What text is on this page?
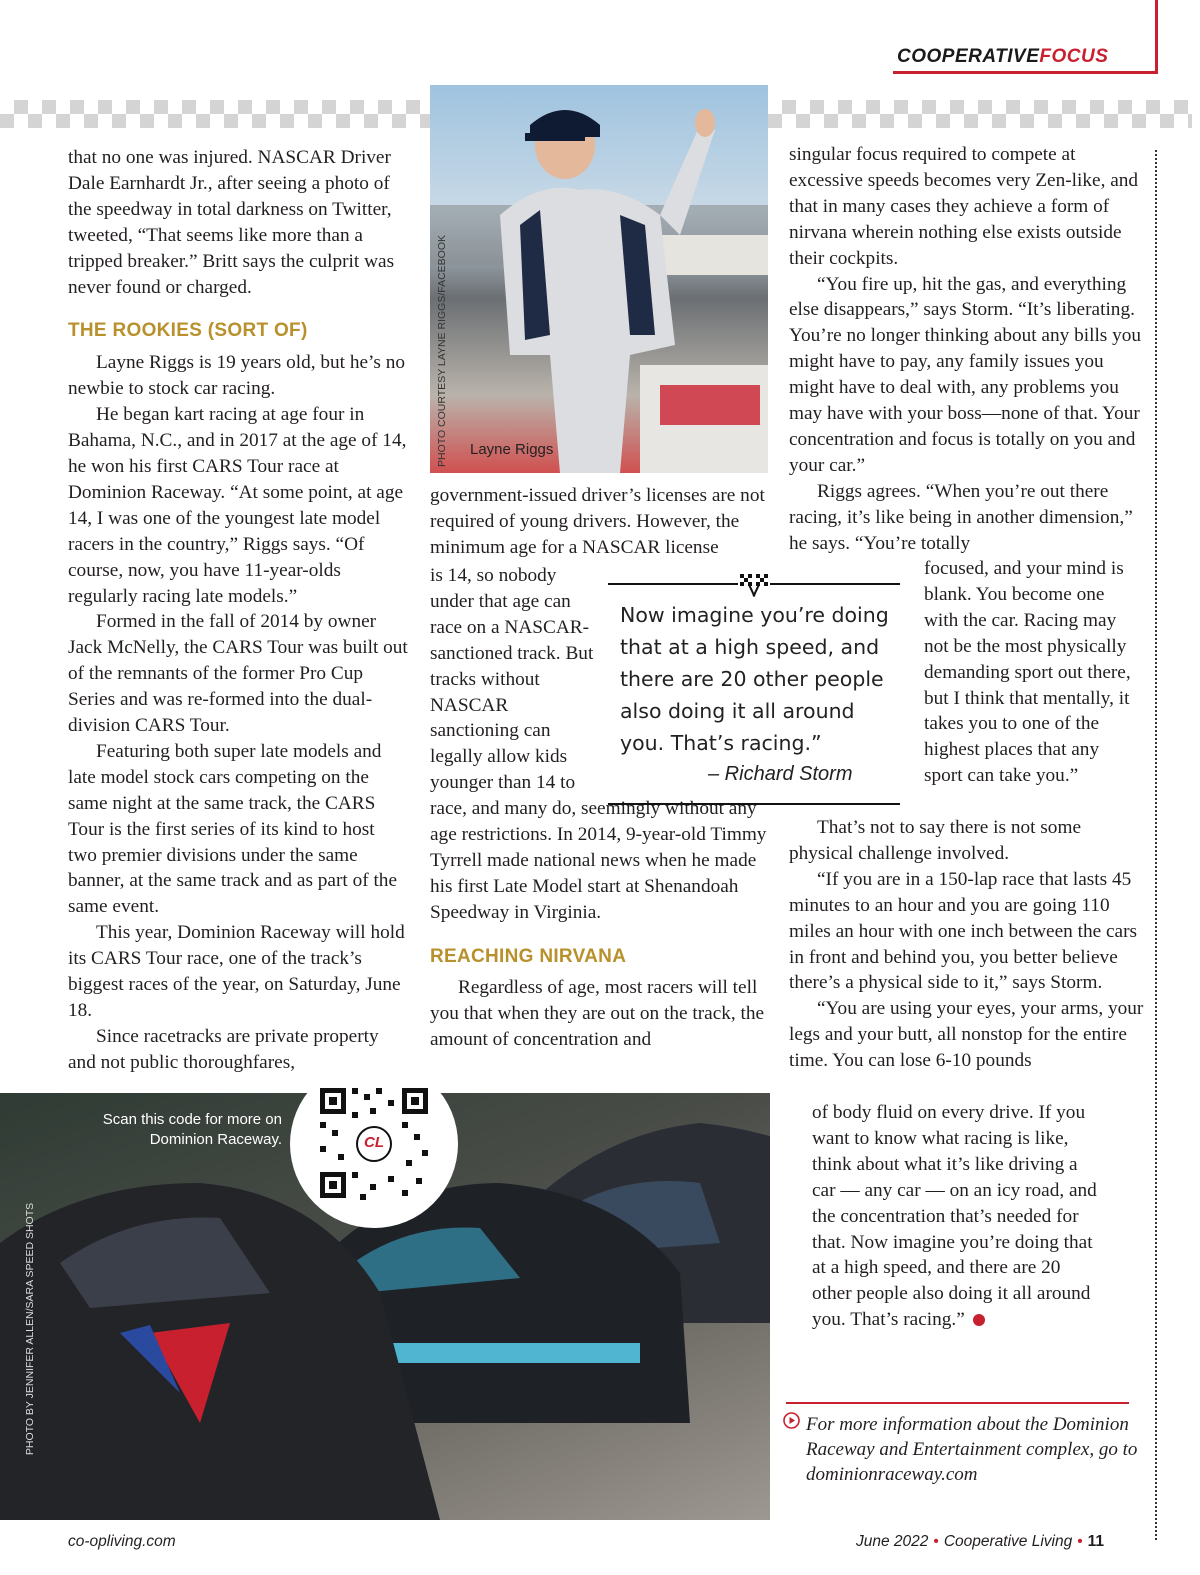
COOPERATIVEFOCUS

that no one was injured. NASCAR Driver Dale Earnhardt Jr., after seeing a photo of the speedway in total darkness on Twitter, tweeted, “That seems like more than a tripped breaker.” Britt says the culprit was never found or charged.

THE ROOKIES (SORT OF)

Layne Riggs is 19 years old, but he’s no newbie to stock car racing.

He began kart racing at age four in Bahama, N.C., and in 2017 at the age of 14, he won his first CARS Tour race at Dominion Raceway. “At some point, at age 14, I was one of the youngest late model racers in the country,” Riggs says. “Of course, now, you have 11-year-olds regularly racing late models.”

Formed in the fall of 2014 by owner Jack McNelly, the CARS Tour was built out of the remnants of the former Pro Cup Series and was re-formed into the dual-division CARS Tour.

Featuring both super late models and late model stock cars competing on the same night at the same track, the CARS Tour is the first series of its kind to host two premier divisions under the same banner, at the same track and as part of the same event.

This year, Dominion Raceway will hold its CARS Tour race, one of the track’s biggest races of the year, on Saturday, June 18.

Since racetracks are private property and not public thoroughfares,

PHOTO COURTESY LAYNE RIGGS/FACEBOOK Layne Riggs

government-issued driver’s licenses are not required of young drivers. However, the minimum age for a NASCAR license

is 14, so nobody under that age can race on a NASCAR-sanctioned track. But tracks without NASCAR sanctioning can legally allow kids younger than 14 to

race, and many do, seemingly without any age restrictions. In 2014, 9-year-old Timmy Tyrrell made national news when he made his first Late Model start at Shenandoah Speedway in Virginia.

REACHING NIRVANA

Regardless of age, most racers will tell you that when they are out on the track, the amount of concentration and

Now imagine you’re doing that at a high speed, and there are 20 other people also doing it all around you. That’s racing.”
– Richard Storm

singular focus required to compete at excessive speeds becomes very Zen-like, and that in many cases they achieve a form of nirvana wherein nothing else exists outside their cockpits.

“You fire up, hit the gas, and everything else disappears,” says Storm. “It’s liberating. You’re no longer thinking about any bills you might have to pay, any family issues you might have to deal with, any problems you may have with your boss—none of that. Your concentration and focus is totally on you and your car.”

Riggs agrees. “When you’re out there racing, it’s like being in another dimension,” he says. “You’re totally

focused, and your mind is blank. You become one with the car. Racing may not be the most physically demanding sport out there, but I think that mentally, it takes you to one of the highest places that any sport can take you.”

That’s not to say there is not some physical challenge involved.

“If you are in a 150-lap race that lasts 45 minutes to an hour and you are going 110 miles an hour with one inch between the cars in front and behind you, you better believe there’s a physical side to it,” says Storm.

“You are using your eyes, your arms, your legs and your butt, all nonstop for the entire time. You can lose 6-10 pounds

of body fluid on every drive. If you want to know what racing is like, think about what it’s like driving a car — any car — on an icy road, and the concentration that’s needed for that. Now imagine you’re doing that at a high speed, and there are 20 other people also doing it all around you. That’s racing.”

PHOTO BY JENNIFER ALLEN/SARA SPEED SHOTS
Scan this code for more on Dominion Raceway.	CL
For more information about the Dominion Raceway and Entertainment complex, go to dominionraceway.com
co-opliving.com	June 2022 • Cooperative Living • 11
